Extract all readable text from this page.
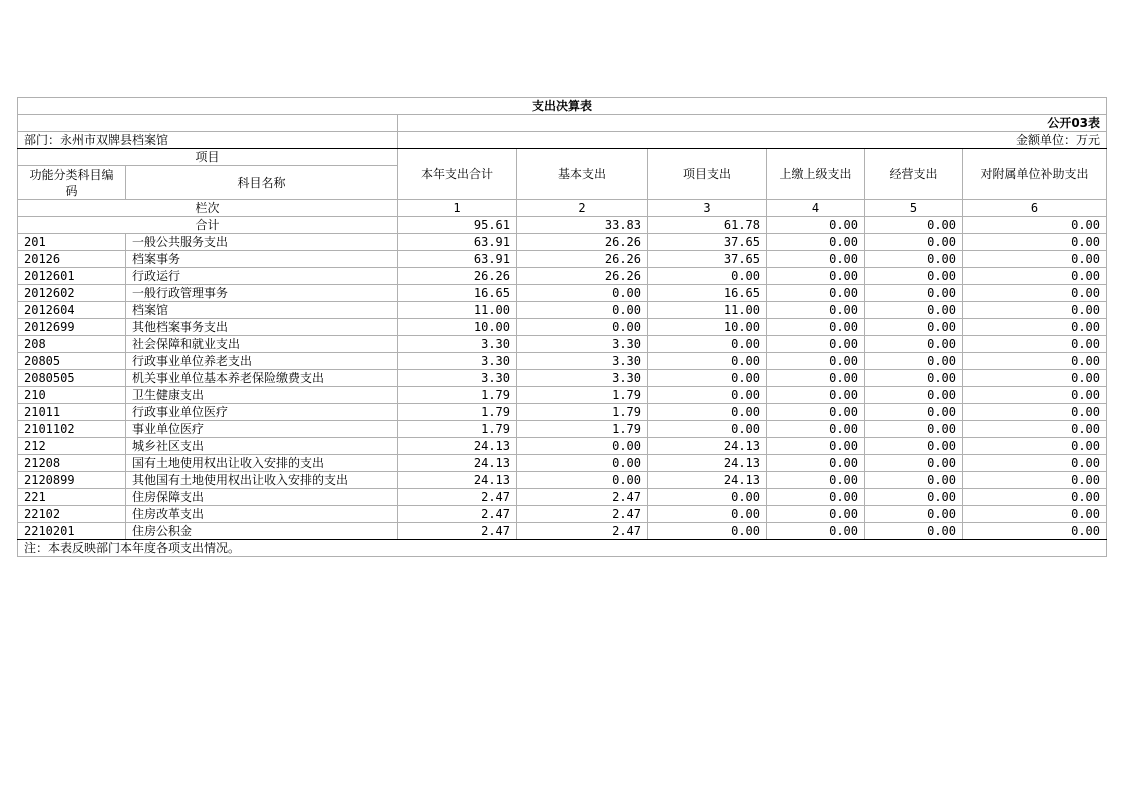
支出决算表							
		公开03表					
部门：永州市双牌县档案馆		金额单位：万元					
项目		本年支出合计	基本支出	项目支出	上缴上级支出	经营支出	对附属单位补助支出
功能分类科目编码	科目名称						
栏次		1	2	3	4	5	6
合计		95.61	33.83	61.78	0.00	0.00	0.00
201	一般公共服务支出	63.91	26.26	37.65	0.00	0.00	0.00
20126	档案事务	63.91	26.26	37.65	0.00	0.00	0.00
2012601	行政运行	26.26	26.26	0.00	0.00	0.00	0.00
2012602	一般行政管理事务	16.65	0.00	16.65	0.00	0.00	0.00
2012604	档案馆	11.00	0.00	11.00	0.00	0.00	0.00
2012699	其他档案事务支出	10.00	0.00	10.00	0.00	0.00	0.00
208	社会保障和就业支出	3.30	3.30	0.00	0.00	0.00	0.00
20805	行政事业单位养老支出	3.30	3.30	0.00	0.00	0.00	0.00
2080505	机关事业单位基本养老保险缴费支出	3.30	3.30	0.00	0.00	0.00	0.00
210	卫生健康支出	1.79	1.79	0.00	0.00	0.00	0.00
21011	行政事业单位医疗	1.79	1.79	0.00	0.00	0.00	0.00
2101102	事业单位医疗	1.79	1.79	0.00	0.00	0.00	0.00
212	城乡社区支出	24.13	0.00	24.13	0.00	0.00	0.00
21208	国有土地使用权出让收入安排的支出	24.13	0.00	24.13	0.00	0.00	0.00
2120899	其他国有土地使用权出让收入安排的支出	24.13	0.00	24.13	0.00	0.00	0.00
221	住房保障支出	2.47	2.47	0.00	0.00	0.00	0.00
22102	住房改革支出	2.47	2.47	0.00	0.00	0.00	0.00
2210201	住房公积金	2.47	2.47	0.00	0.00	0.00	0.00
注：本表反映部门本年度各项支出情况。							
